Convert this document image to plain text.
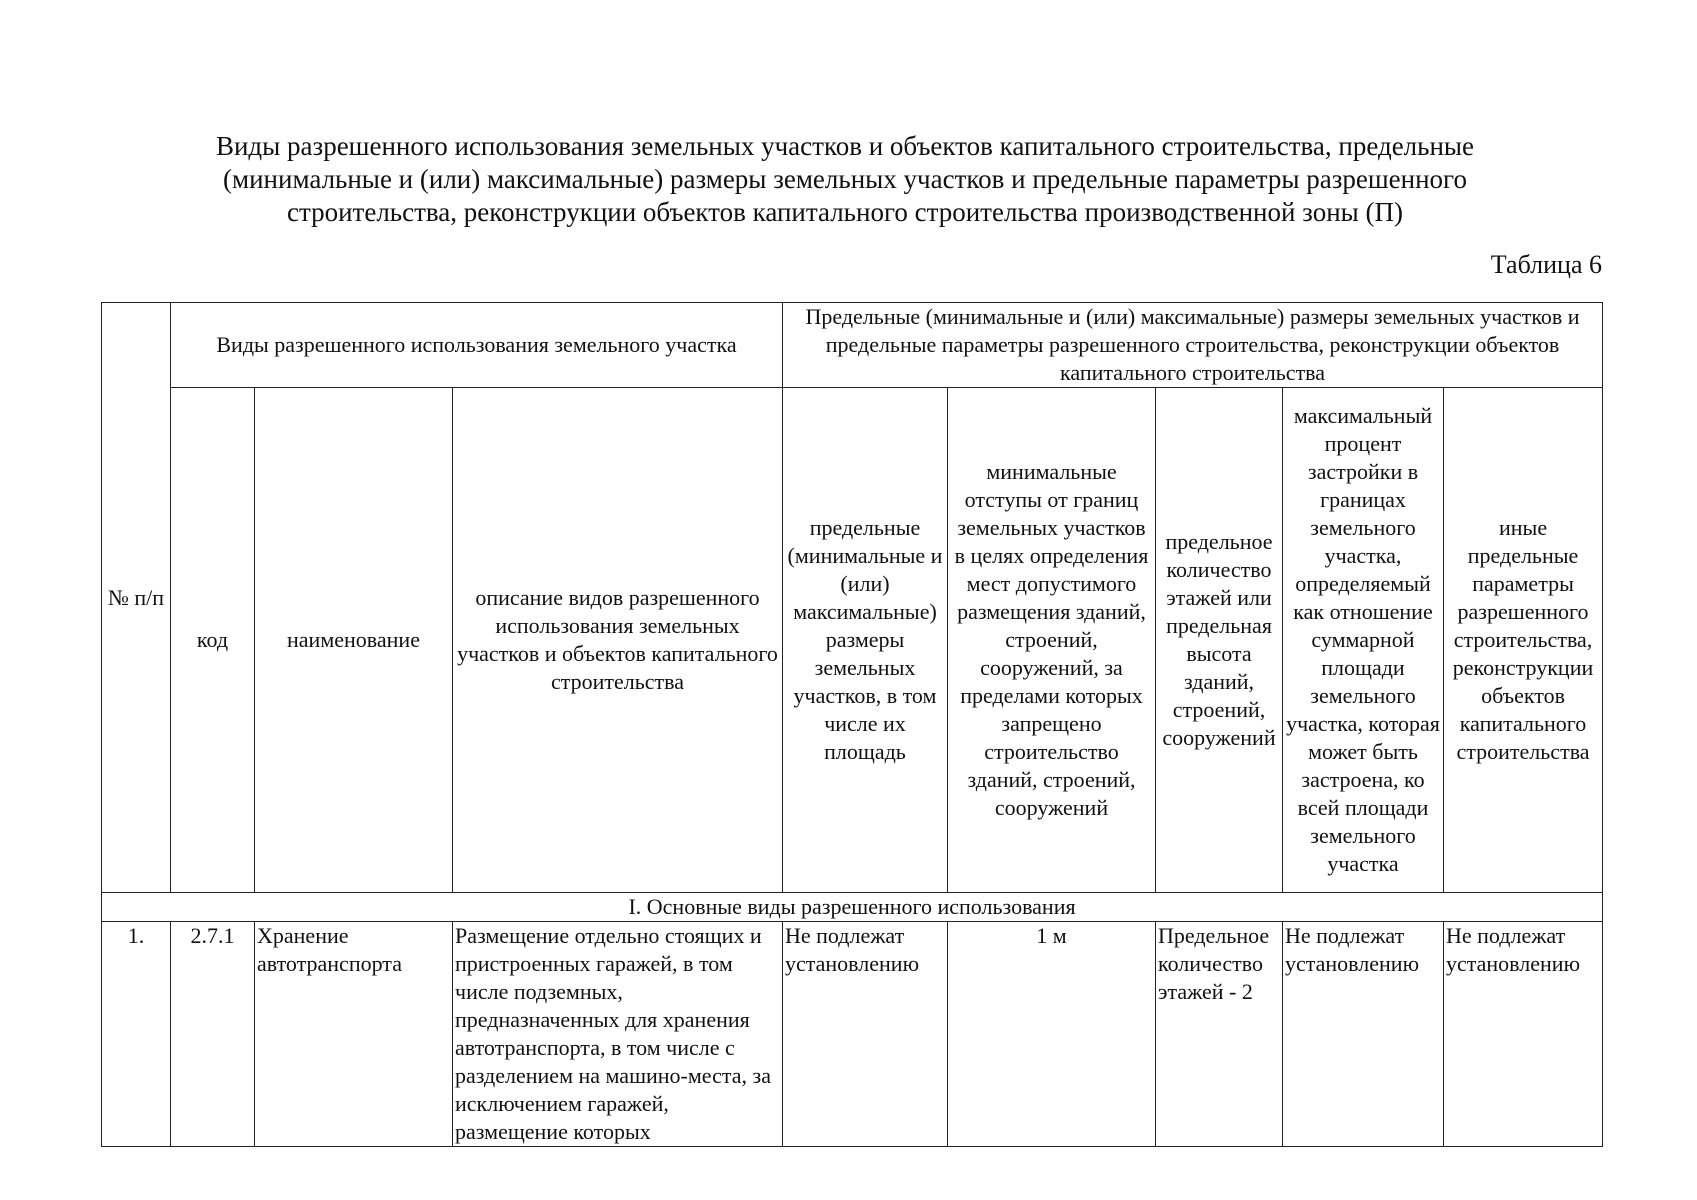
Виды разрешенного использования земельных участков и объектов капитального строительства, предельные
(минимальные и (или) максимальные) размеры земельных участков и предельные параметры разрешенного
строительства, реконструкции объектов капитального строительства производственной зоны (П)
Таблица 6
№ п/п	Виды разрешенного использования земельного участка			Предельные (минимальные и (или) максимальные) размеры земельных участков и предельные параметры разрешенного строительства, реконструкции объектов капитального строительства				
	код	наименование	описание видов разрешенного использования земельных участков и объектов капитального строительства	предельные (минимальные и (или) максимальные) размеры земельных участков, в том числе их площадь	минимальные отступы от границ земельных участков в целях определения мест допустимого размещения зданий, строений, сооружений, за пределами которых запрещено строительство зданий, строений, сооружений	предельное количество этажей или предельная высота зданий, строений, сооружений	максимальный процент застройки в границах земельного участка, определяемый как отношение суммарной площади земельного участка, которая может быть застроена, ко всей площади земельного участка	иные предельные параметры разрешенного строительства, реконструкции объектов капитального строительства
I. Основные виды разрешенного использования								
1.	2.7.1	Хранение автотранспорта	Размещение отдельно стоящих и пристроенных гаражей, в том числе подземных, предназначенных для хранения автотранспорта, в том числе с разделением на машино-места, за исключением гаражей, размещение которых	Не подлежат установлению	1 м	Предельное количество этажей - 2	Не подлежат установлению	Не подлежат установлению
